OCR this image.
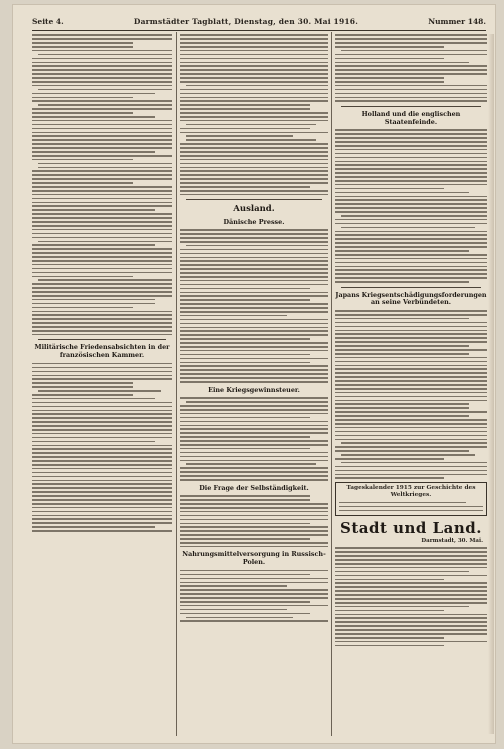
Seite 4.	Darmstädter Tagblatt, Dienstag, den 30. Mai 1916.	Nummer 148.
Militärische Friedensabsichten in der französischen Kammer.
Ausland.
Dänische Presse.
Eine Kriegsgewinnsteuer.
Die Frage der Selbständigkeit.
Nahrungsmittelversorgung in Russisch-Polen.
Holland und die englischen Staatenfeinde.
Japans Kriegsentschädigungsforderungen an seine Verbündeten.
Tageskalender 1915 zur Geschichte des Weltkrieges.
Stadt und Land.
Darmstadt, 30. Mai.
